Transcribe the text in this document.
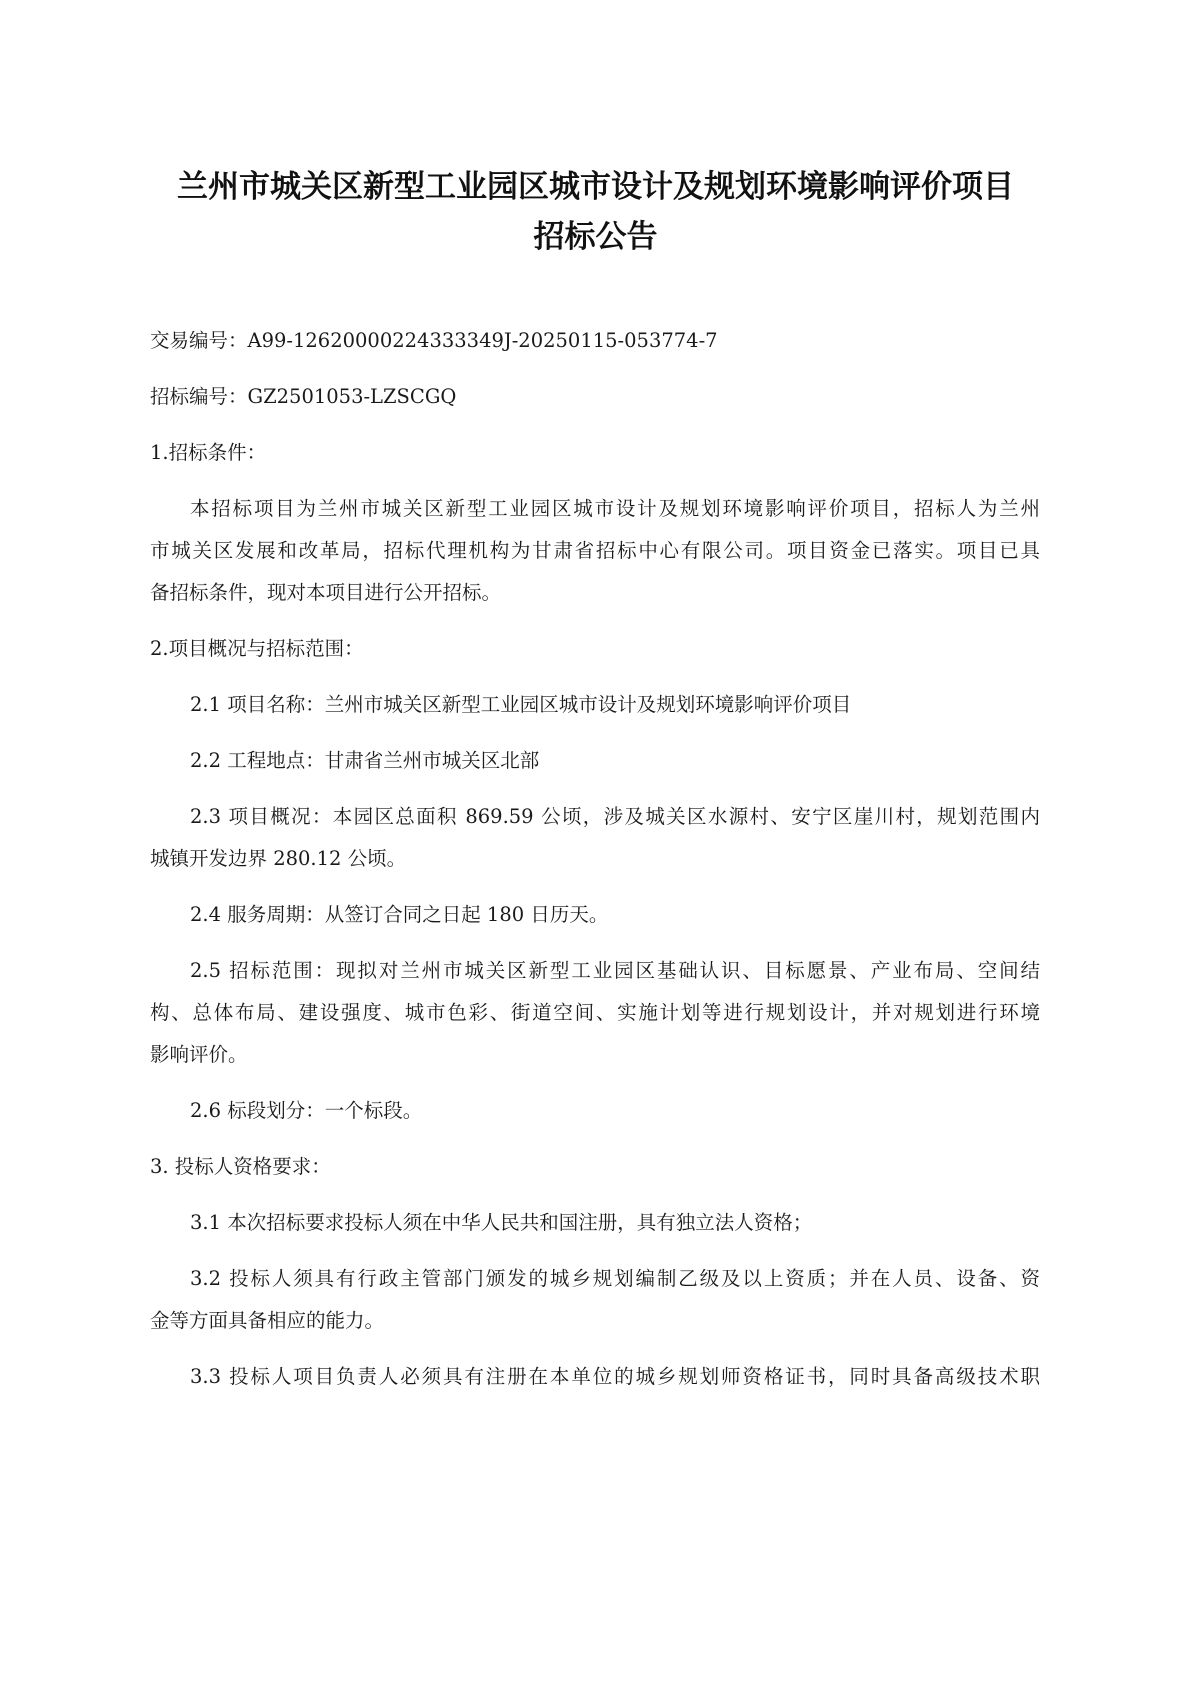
兰州市城关区新型工业园区城市设计及规划环境影响评价项目
招标公告
交易编号：A99-12620000224333349J-20250115-053774-7
招标编号：GZ2501053-LZSCGQ
1.招标条件：
本招标项目为兰州市城关区新型工业园区城市设计及规划环境影响评价项目，招标人为兰州
市城关区发展和改革局，招标代理机构为甘肃省招标中心有限公司。项目资金已落实。项目已具
备招标条件，现对本项目进行公开招标。
2.项目概况与招标范围：
2.1 项目名称：兰州市城关区新型工业园区城市设计及规划环境影响评价项目
2.2 工程地点：甘肃省兰州市城关区北部
2.3 项目概况：本园区总面积 869.59 公顷，涉及城关区水源村、安宁区崖川村，规划范围内
城镇开发边界 280.12 公顷。
2.4 服务周期：从签订合同之日起 180 日历天。
2.5 招标范围：现拟对兰州市城关区新型工业园区基础认识、目标愿景、产业布局、空间结
构、总体布局、建设强度、城市色彩、街道空间、实施计划等进行规划设计，并对规划进行环境
影响评价。
2.6 标段划分：一个标段。
3. 投标人资格要求：
3.1 本次招标要求投标人须在中华人民共和国注册，具有独立法人资格；
3.2 投标人须具有行政主管部门颁发的城乡规划编制乙级及以上资质；并在人员、设备、资
金等方面具备相应的能力。
3.3 投标人项目负责人必须具有注册在本单位的城乡规划师资格证书，同时具备高级技术职
